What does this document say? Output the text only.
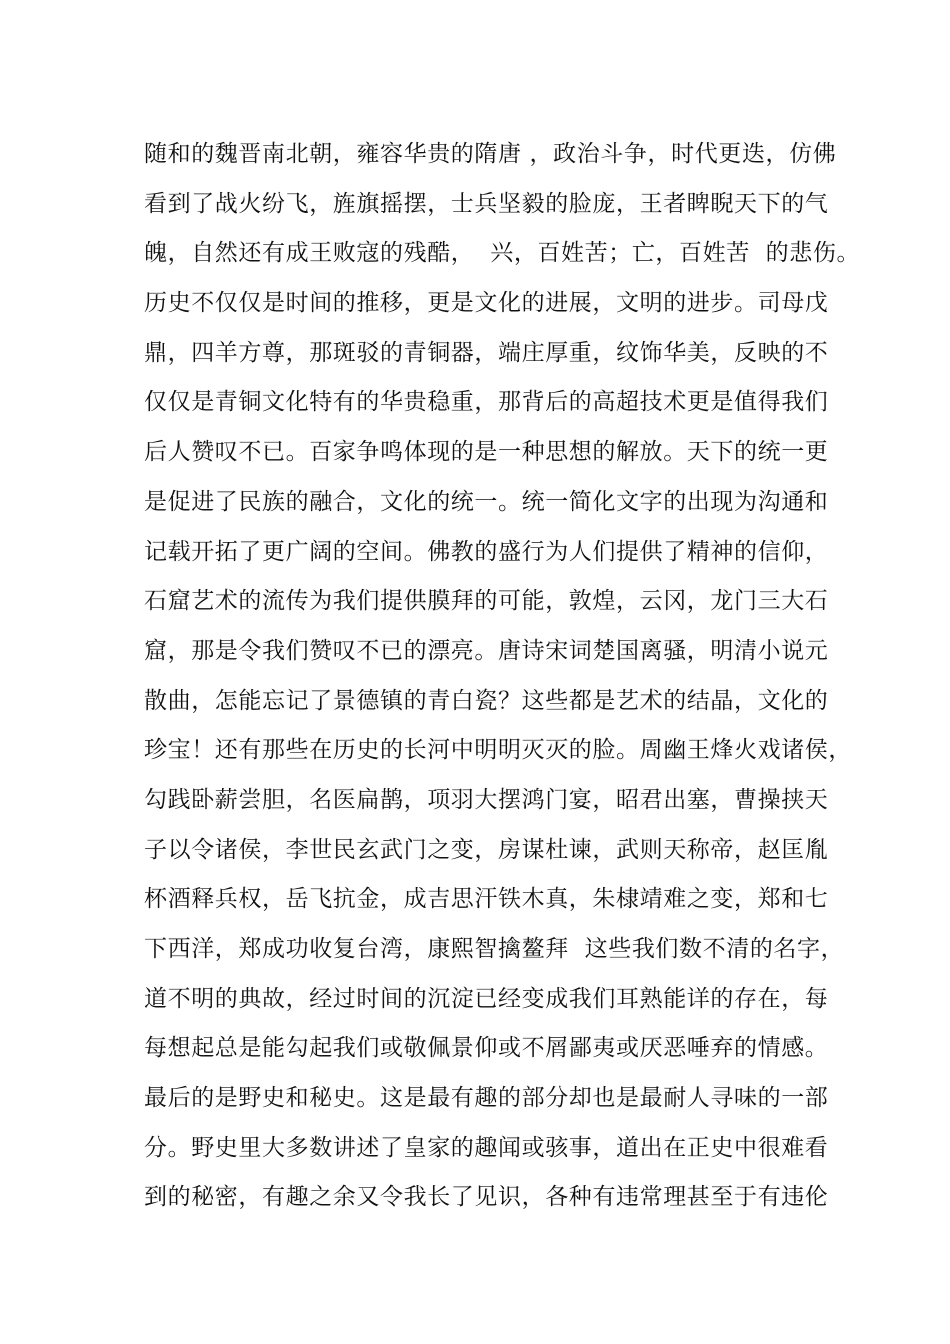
随和的魏晋南北朝，雍容华贵的隋唐 ，政治斗争，时代更迭，仿佛
看到了战火纷飞，旌旗摇摆，士兵坚毅的脸庞，王者睥睨天下的气
魄，自然还有成王败寇的残酷，  兴，百姓苦；亡，百姓苦  的悲伤。
历史不仅仅是时间的推移，更是文化的进展，文明的进步。司母戊
鼎，四羊方尊，那斑驳的青铜器，端庄厚重，纹饰华美，反映的不
仅仅是青铜文化特有的华贵稳重，那背后的高超技术更是值得我们
后人赞叹不已。百家争鸣体现的是一种思想的解放。天下的统一更
是促进了民族的融合，文化的统一。统一简化文字的出现为沟通和
记载开拓了更广阔的空间。佛教的盛行为人们提供了精神的信仰，
石窟艺术的流传为我们提供膜拜的可能，敦煌，云冈，龙门三大石
窟，那是令我们赞叹不已的漂亮。唐诗宋词楚国离骚，明清小说元
散曲，怎能忘记了景德镇的青白瓷？这些都是艺术的结晶，文化的
珍宝！还有那些在历史的长河中明明灭灭的脸。周幽王烽火戏诸侯，
勾践卧薪尝胆，名医扁鹊，项羽大摆鸿门宴，昭君出塞，曹操挟天
子以令诸侯，李世民玄武门之变，房谋杜谏，武则天称帝，赵匡胤
杯酒释兵权，岳飞抗金，成吉思汗铁木真，朱棣靖难之变，郑和七
下西洋，郑成功收复台湾，康熙智擒鳌拜  这些我们数不清的名字，
道不明的典故，经过时间的沉淀已经变成我们耳熟能详的存在，每
每想起总是能勾起我们或敬佩景仰或不屑鄙夷或厌恶唾弃的情感。
最后的是野史和秘史。这是最有趣的部分却也是最耐人寻味的一部
分。野史里大多数讲述了皇家的趣闻或骇事，道出在正史中很难看
到的秘密，有趣之余又令我长了见识，各种有违常理甚至于有违伦
